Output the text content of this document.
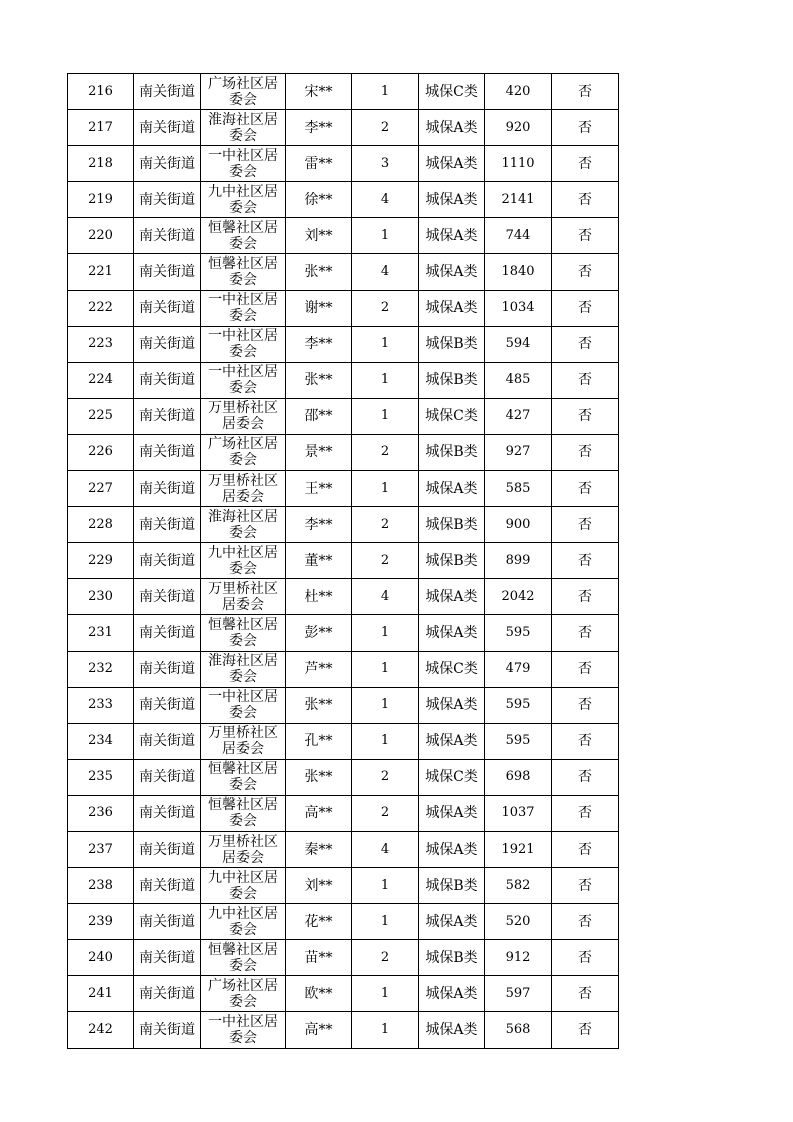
216	南关街道	广场社区居委会	宋**	1	城保C类	420	否
217	南关街道	淮海社区居委会	李**	2	城保A类	920	否
218	南关街道	一中社区居委会	雷**	3	城保A类	1110	否
219	南关街道	九中社区居委会	徐**	4	城保A类	2141	否
220	南关街道	恒馨社区居委会	刘**	1	城保A类	744	否
221	南关街道	恒馨社区居委会	张**	4	城保A类	1840	否
222	南关街道	一中社区居委会	谢**	2	城保A类	1034	否
223	南关街道	一中社区居委会	李**	1	城保B类	594	否
224	南关街道	一中社区居委会	张**	1	城保B类	485	否
225	南关街道	万里桥社区居委会	邵**	1	城保C类	427	否
226	南关街道	广场社区居委会	景**	2	城保B类	927	否
227	南关街道	万里桥社区居委会	王**	1	城保A类	585	否
228	南关街道	淮海社区居委会	李**	2	城保B类	900	否
229	南关街道	九中社区居委会	董**	2	城保B类	899	否
230	南关街道	万里桥社区居委会	杜**	4	城保A类	2042	否
231	南关街道	恒馨社区居委会	彭**	1	城保A类	595	否
232	南关街道	淮海社区居委会	芦**	1	城保C类	479	否
233	南关街道	一中社区居委会	张**	1	城保A类	595	否
234	南关街道	万里桥社区居委会	孔**	1	城保A类	595	否
235	南关街道	恒馨社区居委会	张**	2	城保C类	698	否
236	南关街道	恒馨社区居委会	高**	2	城保A类	1037	否
237	南关街道	万里桥社区居委会	秦**	4	城保A类	1921	否
238	南关街道	九中社区居委会	刘**	1	城保B类	582	否
239	南关街道	九中社区居委会	花**	1	城保A类	520	否
240	南关街道	恒馨社区居委会	苗**	2	城保B类	912	否
241	南关街道	广场社区居委会	欧**	1	城保A类	597	否
242	南关街道	一中社区居委会	高**	1	城保A类	568	否
